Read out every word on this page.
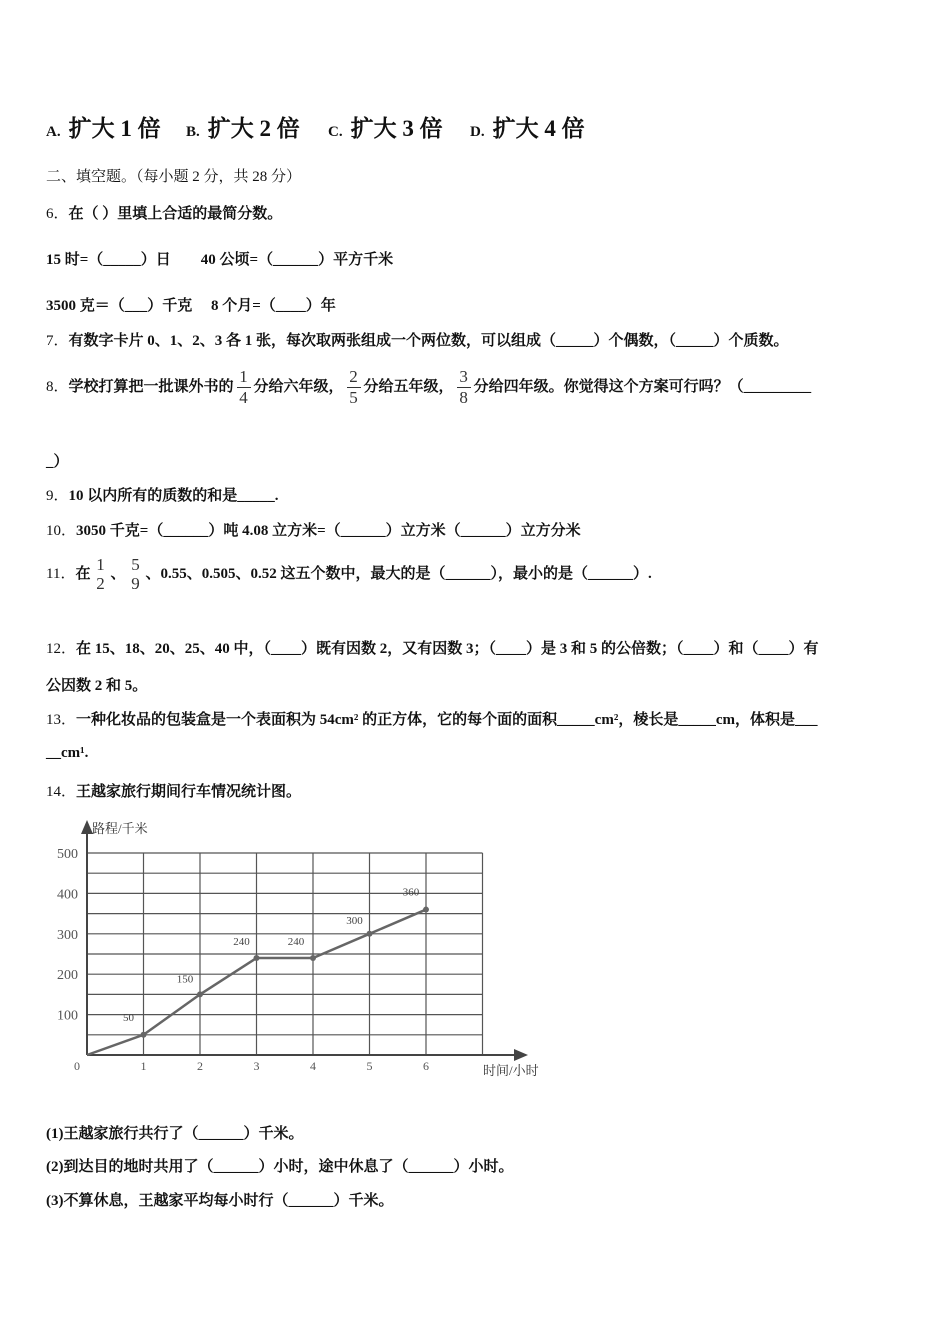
A. 扩大 1 倍 B. 扩大 2 倍 C. 扩大 3 倍 D. 扩大 4 倍
二、填空题。（每小题 2 分，共 28 分）
6．在（ ）里填上合适的最简分数。
15 时=（_____）日　　40 公顷=（______）平方千米
3500 克＝（___）千克　 8 个月=（____）年
7．有数字卡片 0、1、2、3 各 1 张，每次取两张组成一个两位数，可以组成（_____）个偶数，（_____）个质数。
8．学校打算把一批课外书的 $\frac{1}{4}$ 分给六年级， $\frac{2}{5}$ 分给五年级， $\frac{3}{8}$ 分给四年级。你觉得这个方案可行吗？（_________
_）
9．10 以内所有的质数的和是_____.
10．3050 千克=（______）吨 4.08 立方米=（______）立方米（______）立方分米
11．在 1
2
、 5
9
、0.55、0.505、0.52 这五个数中，最大的是（______），最小的是（______）.
12．在 15、18、20、25、40 中，（____）既有因数 2，又有因数 3；（____）是 3 和 5 的公倍数；（____）和（____）有
公因数 2 和 5。
13．一种化妆品的包装盒是一个表面积为 54cm² 的正方体，它的每个面的面积_____cm²，棱长是_____cm，体积是___
__cm¹.
14．王越家旅行期间行车情况统计图。
路程/千米
时间/小时
100
200
300
400
500
0	1	2	3	4	5	6
50
150
240	240
300
360
(1)王越家旅行共行了（______）千米。
(2)到达目的地时共用了（______）小时，途中休息了（______）小时。
(3)不算休息，王越家平均每小时行（______）千米。
